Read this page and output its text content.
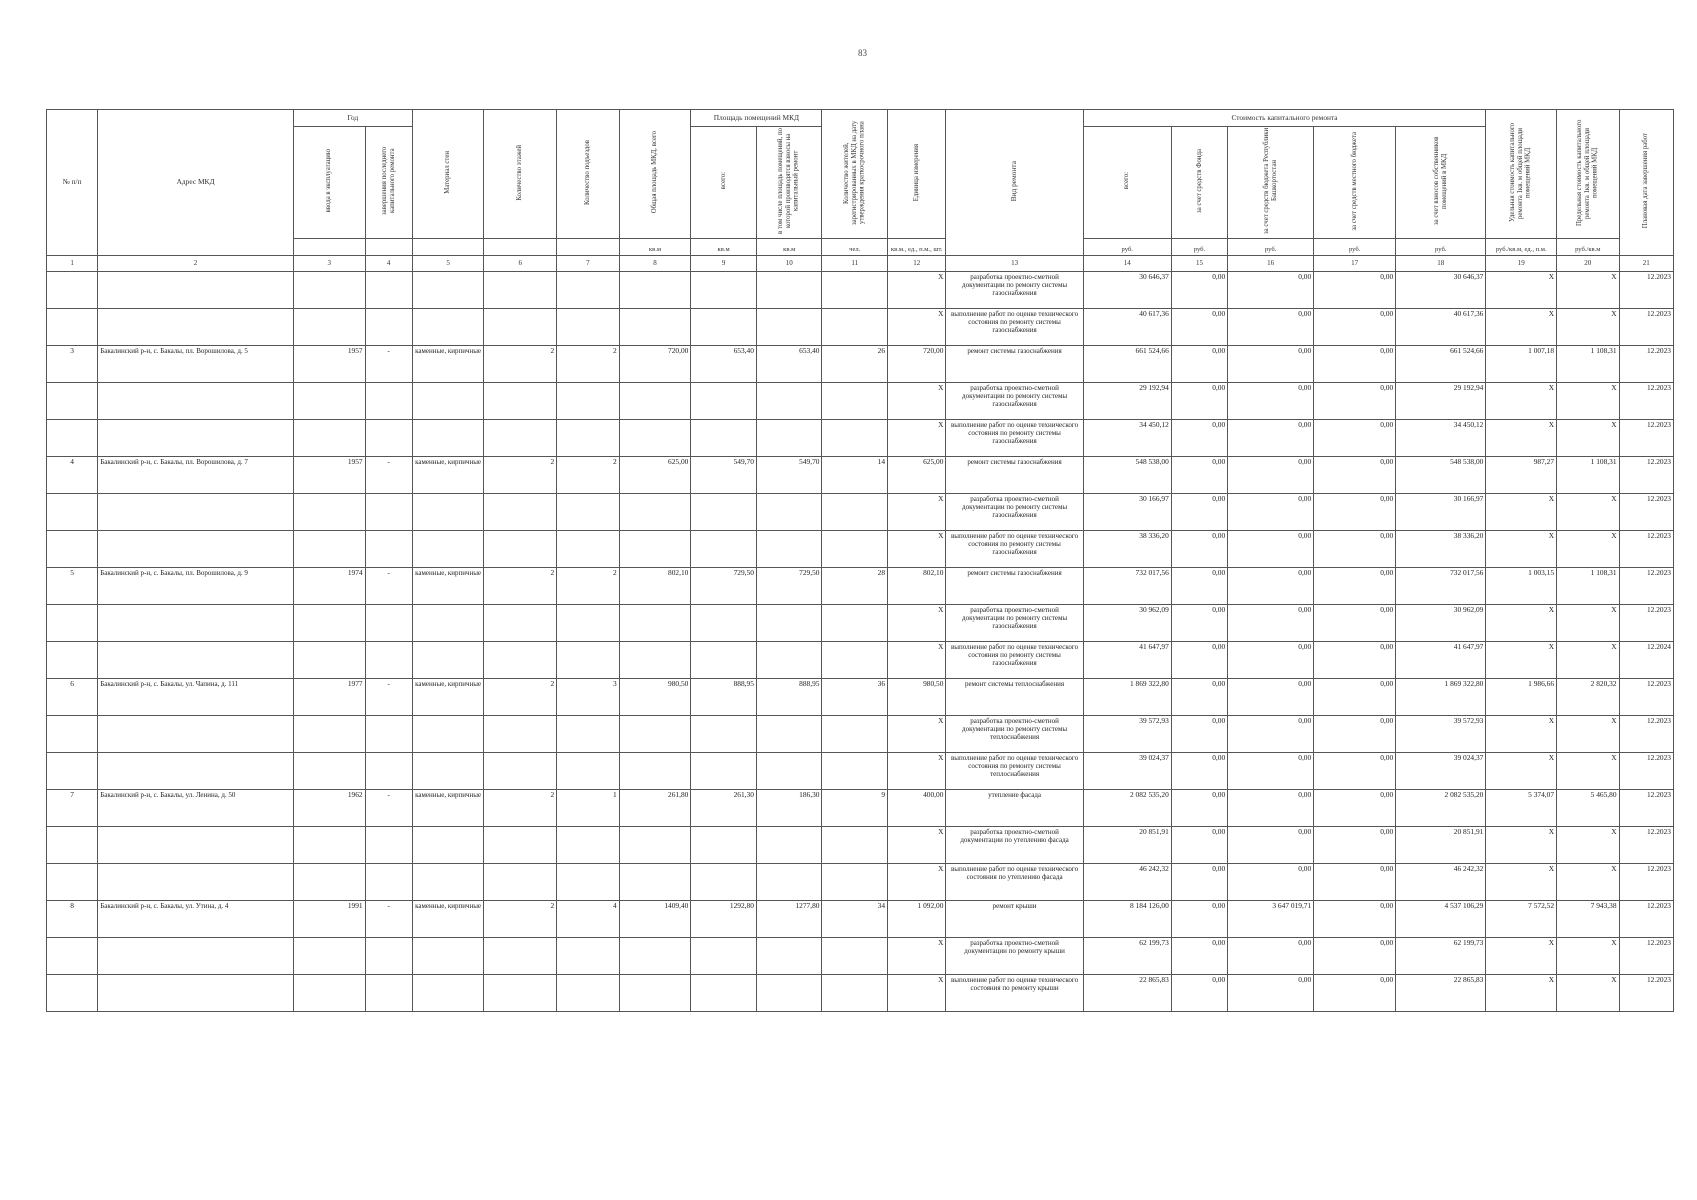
83
№ п/п	Адрес МКД	Год		Материал стен	Количество этажей	Количество подъездов	Общая площадь МКД, всего	Площадь помещений МКД		Количество жителей, зарегистрированных в МКД на дату утверждения краткосрочного плана	Единица измерения	Вид ремонта	Стоимость капитального ремонта					Удельная стоимость капитального ремонта 1кв. м общей площади помещений МКД	Предельная стоимость капитального ремонта 1кв. м общей площади помещений МКД	Плановая дата завершения работ
		ввода в эксплуатацию	завершения последнего капитального ремонта					всего:	в том числе площадь помещений, по которой производятся взносы на капитальный ремонт				всего:	за счет средств Фонда	за счет средств бюджета Республики Башкортостан	за счет средств местного бюджета	за счет взносов собственников помещений в МКД			
							кв.м	кв.м	кв.м	чел.	кв.м., ед., п.м., шт.		руб.	руб.	руб.	руб.	руб.	руб./кв.м, ед., п.м.	руб./кв.м	
1	2	3	4	5	6	7	8	9	10	11	12	13	14	15	16	17	18	19	20	21
											X	разработка проектно-сметной документации по ремонту системы газоснабжения	30 646,37	0,00	0,00	0,00	30 646,37	X	X	12.2023
											X	выполнение работ по оценке технического состояния по ремонту системы газоснабжения	40 617,36	0,00	0,00	0,00	40 617,36	X	X	12.2023
3	Бакалинский р-н, с. Бакалы, пл. Ворошилова, д. 5	1957	-	каменные, кирпичные	2	2	720,00	653,40	653,40	26	720,00	ремонт системы газоснабжения	661 524,66	0,00	0,00	0,00	661 524,66	1 007,18	1 108,31	12.2023
											X	разработка проектно-сметной документации по ремонту системы газоснабжения	29 192,94	0,00	0,00	0,00	29 192,94	X	X	12.2023
											X	выполнение работ по оценке технического состояния по ремонту системы газоснабжения	34 450,12	0,00	0,00	0,00	34 450,12	X	X	12.2023
4	Бакалинский р-н, с. Бакалы, пл. Ворошилова, д. 7	1957	-	каменные, кирпичные	2	2	625,00	549,70	549,70	14	625,00	ремонт системы газоснабжения	548 538,00	0,00	0,00	0,00	548 538,00	987,27	1 108,31	12.2023
											X	разработка проектно-сметной документации по ремонту системы газоснабжения	30 166,97	0,00	0,00	0,00	30 166,97	X	X	12.2023
											X	выполнение работ по оценке технического состояния по ремонту системы газоснабжения	38 336,20	0,00	0,00	0,00	38 336,20	X	X	12.2023
5	Бакалинский р-н, с. Бакалы, пл. Ворошилова, д. 9	1974	-	каменные, кирпичные	2	2	802,10	729,50	729,50	28	802,10	ремонт системы газоснабжения	732 017,56	0,00	0,00	0,00	732 017,56	1 003,15	1 108,31	12.2023
											X	разработка проектно-сметной документации по ремонту системы газоснабжения	30 962,09	0,00	0,00	0,00	30 962,09	X	X	12.2023
											X	выполнение работ по оценке технического состояния по ремонту системы газоснабжения	41 647,97	0,00	0,00	0,00	41 647,97	X	X	12.2024
6	Бакалинский р-н, с. Бакалы, ул. Чапина, д. 111	1977	-	каменные, кирпичные	2	3	980,50	888,95	888,95	36	980,50	ремонт системы теплоснабжения	1 869 322,80	0,00	0,00	0,00	1 869 322,80	1 986,66	2 820,32	12.2023
											X	разработка проектно-сметной документации по ремонту системы теплоснабжения	39 572,93	0,00	0,00	0,00	39 572,93	X	X	12.2023
											X	выполнение работ по оценке технического состояния по ремонту системы теплоснабжения	39 024,37	0,00	0,00	0,00	39 024,37	X	X	12.2023
7	Бакалинский р-н, с. Бакалы, ул. Ленина, д. 50	1962	-	каменные, кирпичные	2	1	261,80	261,30	186,30	9	400,00	утепление фасада	2 082 535,20	0,00	0,00	0,00	2 082 535,20	5 374,07	5 465,80	12.2023
											X	разработка проектно-сметной документации по утеплению фасада	20 851,91	0,00	0,00	0,00	20 851,91	X	X	12.2023
											X	выполнение работ по оценке технического состояния по утеплению фасада	46 242,32	0,00	0,00	0,00	46 242,32	X	X	12.2023
8	Бакалинский р-н, с. Бакалы, ул. Утина, д. 4	1991	-	каменные, кирпичные	2	4	1409,40	1292,80	1277,80	34	1 092,00	ремонт крыши	8 184 126,00	0,00	3 647 019,71	0,00	4 537 106,29	7 572,52	7 943,38	12.2023
											X	разработка проектно-сметной документации по ремонту крыши	62 199,73	0,00	0,00	0,00	62 199,73	X	X	12.2023
											X	выполнение работ по оценке технического состояния по ремонту крыши	22 865,83	0,00	0,00	0,00	22 865,83	X	X	12.2023
